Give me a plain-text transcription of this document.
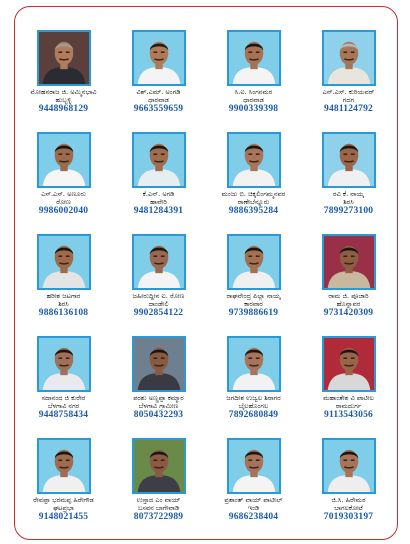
ಮೋಹನರಾಜ ಜಿ. ಅಮ್ಮಿನಭಾವಿ
ಹುಬ್ಬಳ್ಳಿ
9448968129
ವಿಶ್.ಎಮ್. ಅಂಗಡಿ
ಧಾರವಾಡ
9663559659
ಸಿ.ಐ. ಸಿಂಗನಮರ
ಧಾರವಾಡ
9900339398
ಎನ್.ಎಸ್. ಕುರಿಯವರ್
ಗದಗ
9481124792
ಎಸ್.ಎಸ್. ಅಣೂರು
ರೋಣ
9986002040
ಕೆ.ಎನ್. ಅಗಡಿ
ಹಾವೇರಿ
9481284391
ಮಂಜು ಬಿ. ಚಿಕ್ಕಲಿಂಗಮ್ಮನವರ
ರಾಣೇಬೆನ್ನೂರು
9886395284
ರವಿ ಕೆ. ನಾಯ್ಕ
ಶಿರಸಿ
7899273100
ಹರೀಶ ಜಟಗಾರ
ಶಿರಸಿ
9886136108
ಜಹೀರುದ್ದೀನ ಐ. ರೋಣ
ದಾಂಡೇಲಿ
9902854122
ರಾಘವೇಂದ್ರ ಪಿಲ್ಲಾ ನಾಯ್ಕ
ಕಾರವಾರ
9739886619
ರಾಮ ಜಿ. ಪೂಜಾರಿ
ಹೊನ್ನಾವರ
9731420309
ಸದಾನಂದ ಜಿ ಕುರೇರ
ಬೆಳಗಾವಿ ನಗರ
9448758434
ಪರಶು ಅಣ್ಣಪ್ಪಾ ಕಮ್ಮಾರ
ಬೆಳಗಾವಿ ಗ್ರಾಮೀಣ
8050432293
ಜಗದೀಶ ಉಜ್ವಲ ಶಿರಾಗರ
ಬೈಲಹೊಂಗಲ
7892680849
ಮಹಾಂತೇಶ ವಿ ಪಾಟೀಲ
ರಾಮದುರ್ಗ
9113543056
ರೇವಪ್ಪಾ ಭರಮಪ್ಪ ಹಿರೇಗೌಡ
ಘಟಪ್ರಭಾ
9148021455
ಉಸ್ತಾದ ಎಂ ವಾಯ್
ಬಸವನ ಬಾಗೇವಾಡಿ
8073722989
ಪ್ರಶಾಂತ್ ವಾಯ್ ಪಾಟೀಲ್
ಇಂಡಿ
9686238404
ಜಿ.ಸಿ. ಹಿರೇಮಠ
ಬಾಗಲಕೋಟೆ
7019303197
